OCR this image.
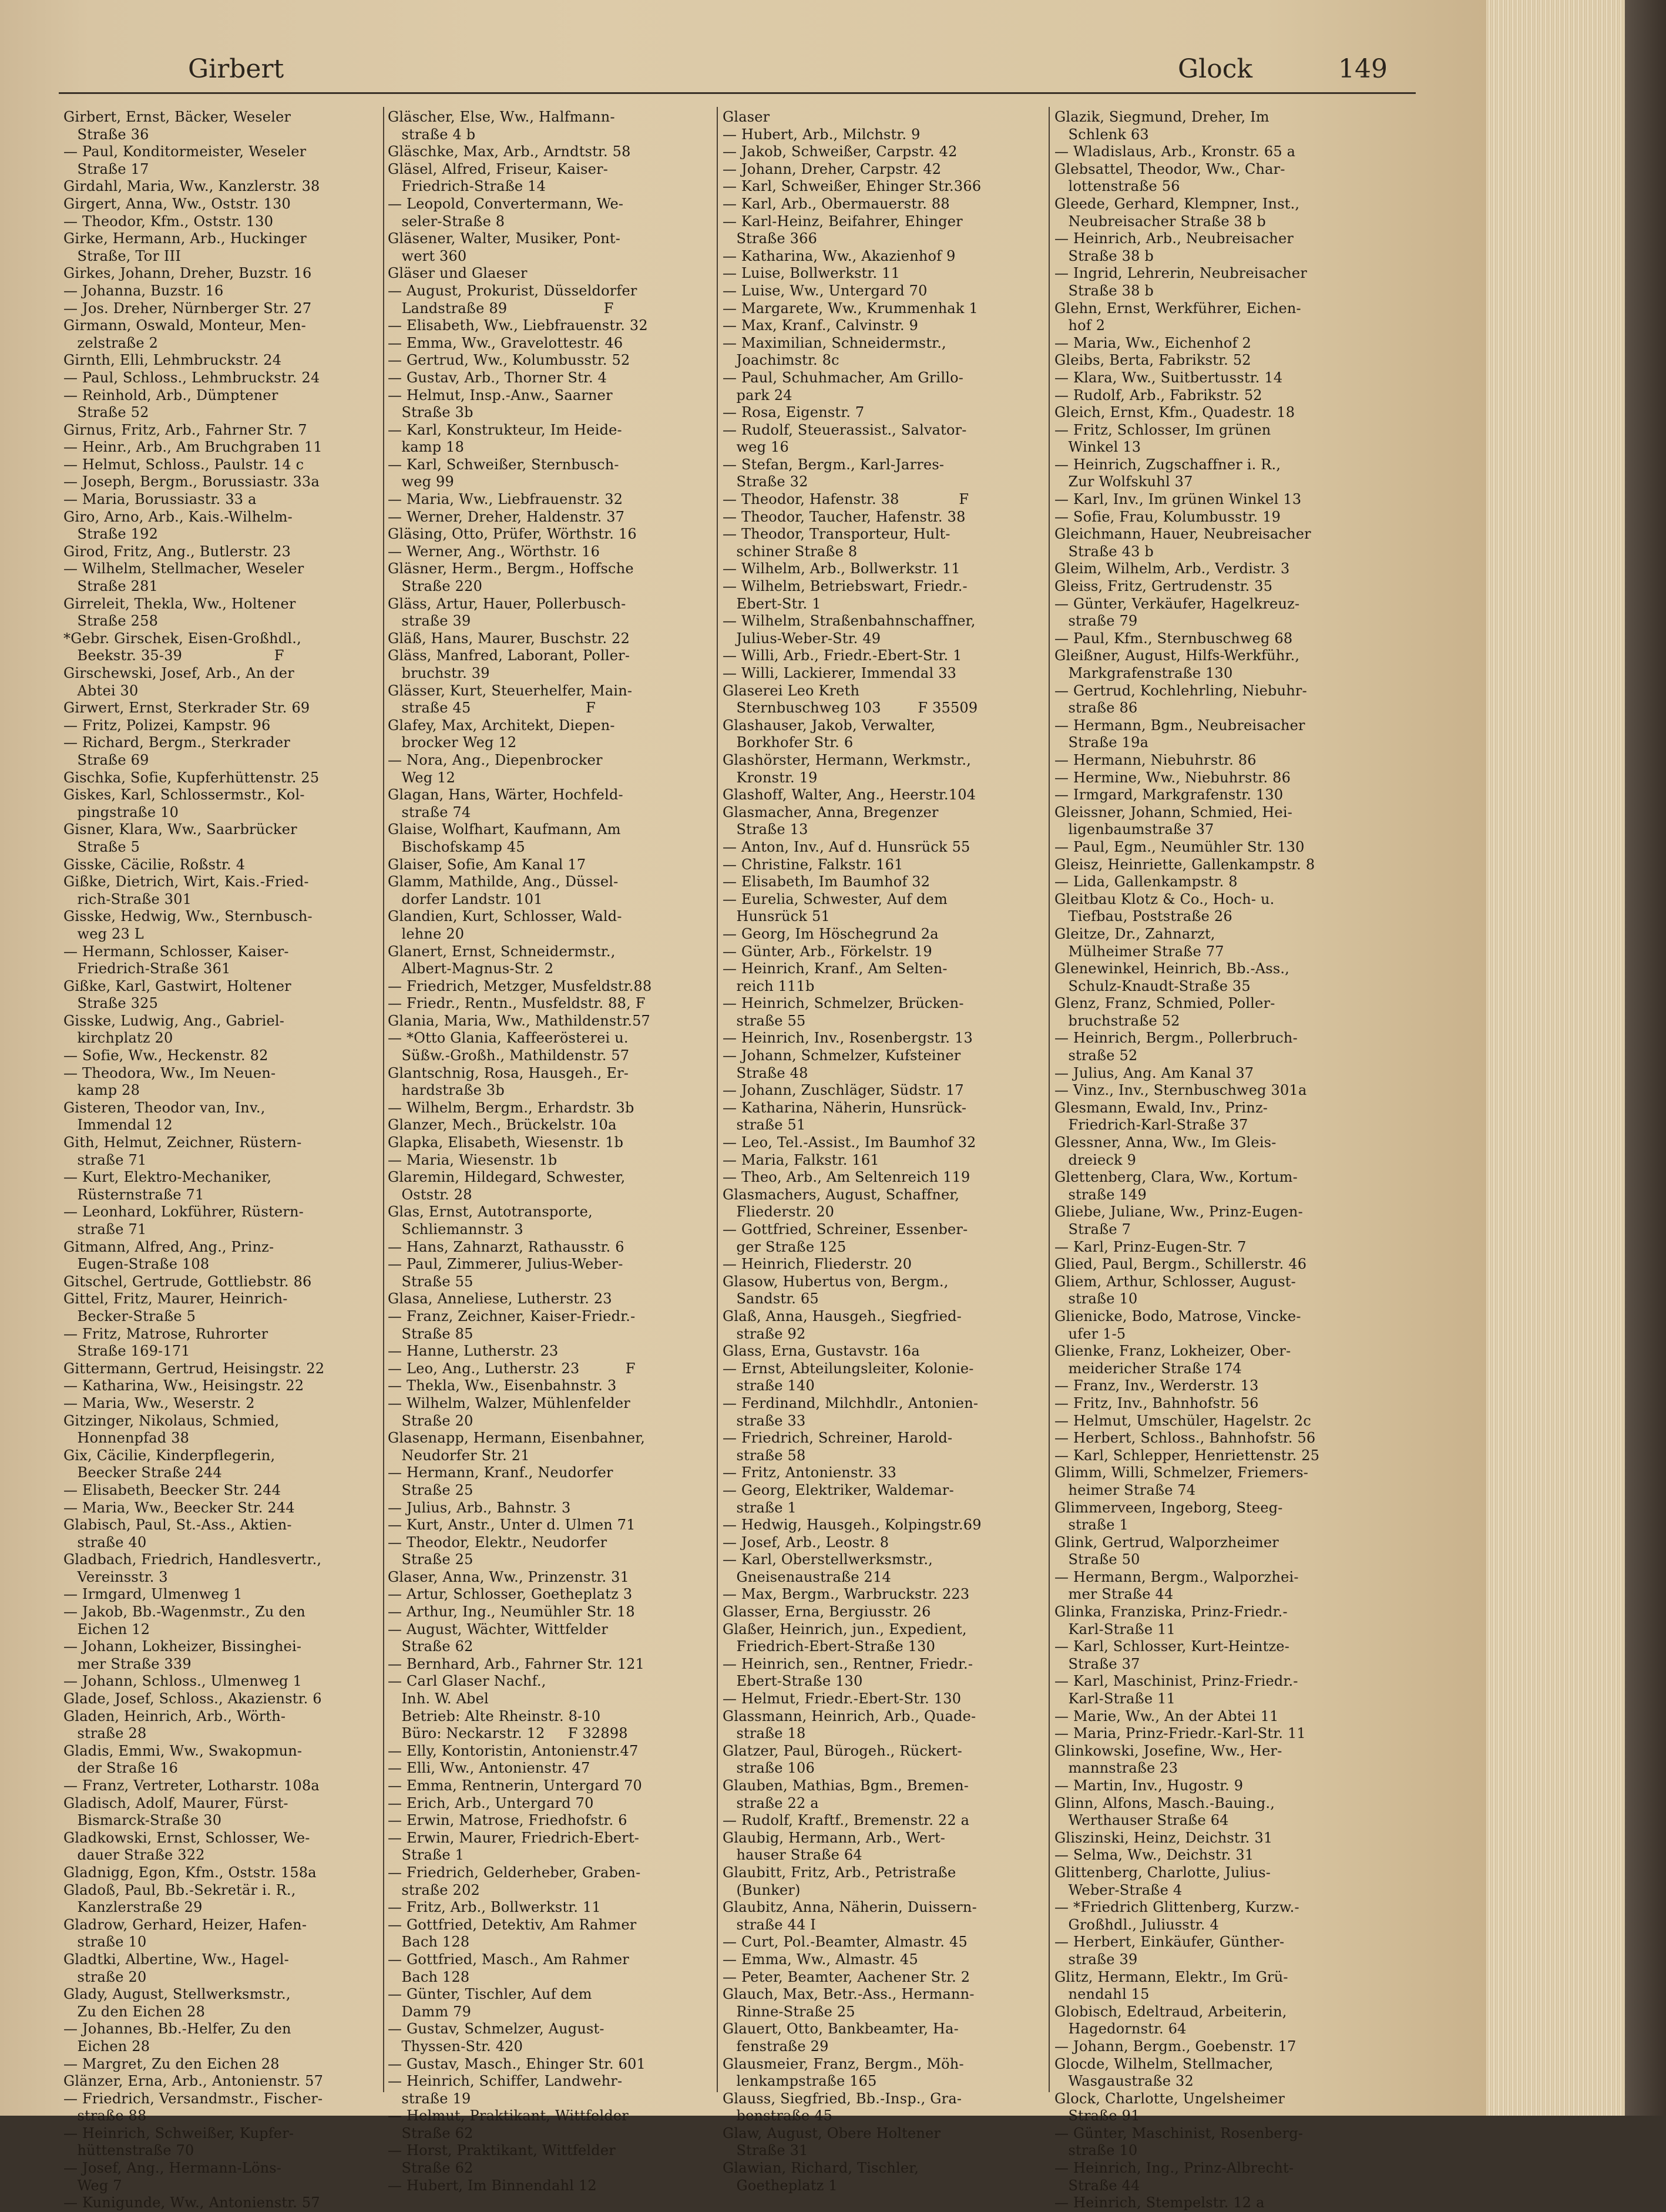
Girbert	Glock	149
Girbert, Ernst, Bäcker, Weseler
Straße 36
— Paul, Konditormeister, Weseler
Straße 17
Girdahl, Maria, Ww., Kanzlerstr. 38
Girgert, Anna, Ww., Oststr. 130
— Theodor, Kfm., Oststr. 130
Girke, Hermann, Arb., Huckinger
Straße, Tor III
Girkes, Johann, Dreher, Buzstr. 16
— Johanna, Buzstr. 16
— Jos. Dreher, Nürnberger Str. 27
Girmann, Oswald, Monteur, Men-
zelstraße 2
Girnth, Elli, Lehmbruckstr. 24
— Paul, Schloss., Lehmbruckstr. 24
— Reinhold, Arb., Dümptener
Straße 52
Girnus, Fritz, Arb., Fahrner Str. 7
— Heinr., Arb., Am Bruchgraben 11
— Helmut, Schloss., Paulstr. 14 c
— Joseph, Bergm., Borussiastr. 33a
— Maria, Borussiastr. 33 a
Giro, Arno, Arb., Kais.-Wilhelm-
Straße 192
Girod, Fritz, Ang., Butlerstr. 23
— Wilhelm, Stellmacher, Weseler
Straße 281
Girreleit, Thekla, Ww., Holtener
Straße 258
*Gebr. Girschek, Eisen-Großhdl.,
Beekstr. 35-39                    F
Girschewski, Josef, Arb., An der
Abtei 30
Girwert, Ernst, Sterkrader Str. 69
— Fritz, Polizei, Kampstr. 96
— Richard, Bergm., Sterkrader
Straße 69
Gischka, Sofie, Kupferhüttenstr. 25
Giskes, Karl, Schlossermstr., Kol-
pingstraße 10
Gisner, Klara, Ww., Saarbrücker
Straße 5
Gisske, Cäcilie, Roßstr. 4
Gißke, Dietrich, Wirt, Kais.-Fried-
rich-Straße 301
Gisske, Hedwig, Ww., Sternbusch-
weg 23 L
— Hermann, Schlosser, Kaiser-
Friedrich-Straße 361
Gißke, Karl, Gastwirt, Holtener
Straße 325
Gisske, Ludwig, Ang., Gabriel-
kirchplatz 20
— Sofie, Ww., Heckenstr. 82
— Theodora, Ww., Im Neuen-
kamp 28
Gisteren, Theodor van, Inv.,
Immendal 12
Gith, Helmut, Zeichner, Rüstern-
straße 71
— Kurt, Elektro-Mechaniker,
Rüsternstraße 71
— Leonhard, Lokführer, Rüstern-
straße 71
Gitmann, Alfred, Ang., Prinz-
Eugen-Straße 108
Gitschel, Gertrude, Gottliebstr. 86
Gittel, Fritz, Maurer, Heinrich-
Becker-Straße 5
— Fritz, Matrose, Ruhrorter
Straße 169-171
Gittermann, Gertrud, Heisingstr. 22
— Katharina, Ww., Heisingstr. 22
— Maria, Ww., Weserstr. 2
Gitzinger, Nikolaus, Schmied,
Honnenpfad 38
Gix, Cäcilie, Kinderpflegerin,
Beecker Straße 244
— Elisabeth, Beecker Str. 244
— Maria, Ww., Beecker Str. 244
Glabisch, Paul, St.-Ass., Aktien-
straße 40
Gladbach, Friedrich, Handlesvertr.,
Vereinsstr. 3
— Irmgard, Ulmenweg 1
— Jakob, Bb.-Wagenmstr., Zu den
Eichen 12
— Johann, Lokheizer, Bissinghei-
mer Straße 339
— Johann, Schloss., Ulmenweg 1
Glade, Josef, Schloss., Akazienstr. 6
Gladen, Heinrich, Arb., Wörth-
straße 28
Gladis, Emmi, Ww., Swakopmun-
der Straße 16
— Franz, Vertreter, Lotharstr. 108a
Gladisch, Adolf, Maurer, Fürst-
Bismarck-Straße 30
Gladkowski, Ernst, Schlosser, We-
dauer Straße 322
Gladnigg, Egon, Kfm., Oststr. 158a
Gladoß, Paul, Bb.-Sekretär i. R.,
Kanzlerstraße 29
Gladrow, Gerhard, Heizer, Hafen-
straße 10
Gladtki, Albertine, Ww., Hagel-
straße 20
Glady, August, Stellwerksmstr.,
Zu den Eichen 28
— Johannes, Bb.-Helfer, Zu den
Eichen 28
— Margret, Zu den Eichen 28
Glänzer, Erna, Arb., Antonienstr. 57
— Friedrich, Versandmstr., Fischer-
straße 88
— Heinrich, Schweißer, Kupfer-
hüttenstraße 70
— Josef, Ang., Hermann-Löns-
Weg 7
— Kunigunde, Ww., Antonienstr. 57
Gläscher, Else, Ww., Halfmann-
straße 4 b
Gläschke, Max, Arb., Arndtstr. 58
Gläsel, Alfred, Friseur, Kaiser-
Friedrich-Straße 14
— Leopold, Convertermann, We-
seler-Straße 8
Gläsener, Walter, Musiker, Pont-
wert 360
Gläser und Glaeser
— August, Prokurist, Düsseldorfer
Landstraße 89                     F
— Elisabeth, Ww., Liebfrauenstr. 32
— Emma, Ww., Gravelottestr. 46
— Gertrud, Ww., Kolumbusstr. 52
— Gustav, Arb., Thorner Str. 4
— Helmut, Insp.-Anw., Saarner
Straße 3b
— Karl, Konstrukteur, Im Heide-
kamp 18
— Karl, Schweißer, Sternbusch-
weg 99
— Maria, Ww., Liebfrauenstr. 32
— Werner, Dreher, Haldenstr. 37
Gläsing, Otto, Prüfer, Wörthstr. 16
— Werner, Ang., Wörthstr. 16
Gläsner, Herm., Bergm., Hoffsche
Straße 220
Gläss, Artur, Hauer, Pollerbusch-
straße 39
Gläß, Hans, Maurer, Buschstr. 22
Gläss, Manfred, Laborant, Poller-
bruchstr. 39
Glässer, Kurt, Steuerhelfer, Main-
straße 45                         F
Glafey, Max, Architekt, Diepen-
brocker Weg 12
— Nora, Ang., Diepenbrocker
Weg 12
Glagan, Hans, Wärter, Hochfeld-
straße 74
Glaise, Wolfhart, Kaufmann, Am
Bischofskamp 45
Glaiser, Sofie, Am Kanal 17
Glamm, Mathilde, Ang., Düssel-
dorfer Landstr. 101
Glandien, Kurt, Schlosser, Wald-
lehne 20
Glanert, Ernst, Schneidermstr.,
Albert-Magnus-Str. 2
— Friedrich, Metzger, Musfeldstr.88
— Friedr., Rentn., Musfeldstr. 88, F
Glania, Maria, Ww., Mathildenstr.57
— *Otto Glania, Kaffeerösterei u.
Süßw.-Großh., Mathildenstr. 57
Glantschnig, Rosa, Hausgeh., Er-
hardstraße 3b
— Wilhelm, Bergm., Erhardstr. 3b
Glanzer, Mech., Brückelstr. 10a
Glapka, Elisabeth, Wiesenstr. 1b
— Maria, Wiesenstr. 1b
Glaremin, Hildegard, Schwester,
Oststr. 28
Glas, Ernst, Autotransporte,
Schliemannstr. 3
— Hans, Zahnarzt, Rathausstr. 6
— Paul, Zimmerer, Julius-Weber-
Straße 55
Glasa, Anneliese, Lutherstr. 23
— Franz, Zeichner, Kaiser-Friedr.-
Straße 85
— Hanne, Lutherstr. 23
— Leo, Ang., Lutherstr. 23          F
— Thekla, Ww., Eisenbahnstr. 3
— Wilhelm, Walzer, Mühlenfelder
Straße 20
Glasenapp, Hermann, Eisenbahner,
Neudorfer Str. 21
— Hermann, Kranf., Neudorfer
Straße 25
— Julius, Arb., Bahnstr. 3
— Kurt, Anstr., Unter d. Ulmen 71
— Theodor, Elektr., Neudorfer
Straße 25
Glaser, Anna, Ww., Prinzenstr. 31
— Artur, Schlosser, Goetheplatz 3
— Arthur, Ing., Neumühler Str. 18
— August, Wächter, Wittfelder
Straße 62
— Bernhard, Arb., Fahrner Str. 121
— Carl Glaser Nachf.,
Inh. W. Abel
Betrieb: Alte Rheinstr. 8-10
Büro: Neckarstr. 12     F 32898
— Elly, Kontoristin, Antonienstr.47
— Elli, Ww., Antonienstr. 47
— Emma, Rentnerin, Untergard 70
— Erich, Arb., Untergard 70
— Erwin, Matrose, Friedhofstr. 6
— Erwin, Maurer, Friedrich-Ebert-
Straße 1
— Friedrich, Gelderheber, Graben-
straße 202
— Fritz, Arb., Bollwerkstr. 11
— Gottfried, Detektiv, Am Rahmer
Bach 128
— Gottfried, Masch., Am Rahmer
Bach 128
— Günter, Tischler, Auf dem
Damm 79
— Gustav, Schmelzer, August-
Thyssen-Str. 420
— Gustav, Masch., Ehinger Str. 601
— Heinrich, Schiffer, Landwehr-
straße 19
— Helmut, Praktikant, Wittfelder
Straße 62
— Horst, Praktikant, Wittfelder
Straße 62
— Hubert, Im Binnendahl 12
Glaser
— Hubert, Arb., Milchstr. 9
— Jakob, Schweißer, Carpstr. 42
— Johann, Dreher, Carpstr. 42
— Karl, Schweißer, Ehinger Str.366
— Karl, Arb., Obermauerstr. 88
— Karl-Heinz, Beifahrer, Ehinger
Straße 366
— Katharina, Ww., Akazienhof 9
— Luise, Bollwerkstr. 11
— Luise, Ww., Untergard 70
— Margarete, Ww., Krummenhak 1
— Max, Kranf., Calvinstr. 9
— Maximilian, Schneidermstr.,
Joachimstr. 8c
— Paul, Schuhmacher, Am Grillo-
park 24
— Rosa, Eigenstr. 7
— Rudolf, Steuerassist., Salvator-
weg 16
— Stefan, Bergm., Karl-Jarres-
Straße 32
— Theodor, Hafenstr. 38             F
— Theodor, Taucher, Hafenstr. 38
— Theodor, Transporteur, Hult-
schiner Straße 8
— Wilhelm, Arb., Bollwerkstr. 11
— Wilhelm, Betriebswart, Friedr.-
Ebert-Str. 1
— Wilhelm, Straßenbahnschaffner,
Julius-Weber-Str. 49
— Willi, Arb., Friedr.-Ebert-Str. 1
— Willi, Lackierer, Immendal 33
Glaserei Leo Kreth
Sternbuschweg 103        F 35509
Glashauser, Jakob, Verwalter,
Borkhofer Str. 6
Glashörster, Hermann, Werkmstr.,
Kronstr. 19
Glashoff, Walter, Ang., Heerstr.104
Glasmacher, Anna, Bregenzer
Straße 13
— Anton, Inv., Auf d. Hunsrück 55
— Christine, Falkstr. 161
— Elisabeth, Im Baumhof 32
— Eurelia, Schwester, Auf dem
Hunsrück 51
— Georg, Im Höschegrund 2a
— Günter, Arb., Förkelstr. 19
— Heinrich, Kranf., Am Selten-
reich 111b
— Heinrich, Schmelzer, Brücken-
straße 55
— Heinrich, Inv., Rosenbergstr. 13
— Johann, Schmelzer, Kufsteiner
Straße 48
— Johann, Zuschläger, Südstr. 17
— Katharina, Näherin, Hunsrück-
straße 51
— Leo, Tel.-Assist., Im Baumhof 32
— Maria, Falkstr. 161
— Theo, Arb., Am Seltenreich 119
Glasmachers, August, Schaffner,
Fliederstr. 20
— Gottfried, Schreiner, Essenber-
ger Straße 125
— Heinrich, Fliederstr. 20
Glasow, Hubertus von, Bergm.,
Sandstr. 65
Glaß, Anna, Hausgeh., Siegfried-
straße 92
Glass, Erna, Gustavstr. 16a
— Ernst, Abteilungsleiter, Kolonie-
straße 140
— Ferdinand, Milchhdlr., Antonien-
straße 33
— Friedrich, Schreiner, Harold-
straße 58
— Fritz, Antonienstr. 33
— Georg, Elektriker, Waldemar-
straße 1
— Hedwig, Hausgeh., Kolpingstr.69
— Josef, Arb., Leostr. 8
— Karl, Oberstellwerksmstr.,
Gneisenaustraße 214
— Max, Bergm., Warbruckstr. 223
Glasser, Erna, Bergiusstr. 26
Glaßer, Heinrich, jun., Expedient,
Friedrich-Ebert-Straße 130
— Heinrich, sen., Rentner, Friedr.-
Ebert-Straße 130
— Helmut, Friedr.-Ebert-Str. 130
Glassmann, Heinrich, Arb., Quade-
straße 18
Glatzer, Paul, Bürogeh., Rückert-
straße 106
Glauben, Mathias, Bgm., Bremen-
straße 22 a
— Rudolf, Kraftf., Bremenstr. 22 a
Glaubig, Hermann, Arb., Wert-
hauser Straße 64
Glaubitt, Fritz, Arb., Petristraße
(Bunker)
Glaubitz, Anna, Näherin, Duissern-
straße 44 I
— Curt, Pol.-Beamter, Almastr. 45
— Emma, Ww., Almastr. 45
— Peter, Beamter, Aachener Str. 2
Glauch, Max, Betr.-Ass., Hermann-
Rinne-Straße 25
Glauert, Otto, Bankbeamter, Ha-
fenstraße 29
Glausmeier, Franz, Bergm., Möh-
lenkampstraße 165
Glauss, Siegfried, Bb.-Insp., Gra-
benstraße 45
Glaw, August, Obere Holtener
Straße 31
Glawian, Richard, Tischler,
Goetheplatz 1
Glazik, Siegmund, Dreher, Im
Schlenk 63
— Wladislaus, Arb., Kronstr. 65 a
Glebsattel, Theodor, Ww., Char-
lottenstraße 56
Gleede, Gerhard, Klempner, Inst.,
Neubreisacher Straße 38 b
— Heinrich, Arb., Neubreisacher
Straße 38 b
— Ingrid, Lehrerin, Neubreisacher
Straße 38 b
Glehn, Ernst, Werkführer, Eichen-
hof 2
— Maria, Ww., Eichenhof 2
Gleibs, Berta, Fabrikstr. 52
— Klara, Ww., Suitbertusstr. 14
— Rudolf, Arb., Fabrikstr. 52
Gleich, Ernst, Kfm., Quadestr. 18
— Fritz, Schlosser, Im grünen
Winkel 13
— Heinrich, Zugschaffner i. R.,
Zur Wolfskuhl 37
— Karl, Inv., Im grünen Winkel 13
— Sofie, Frau, Kolumbusstr. 19
Gleichmann, Hauer, Neubreisacher
Straße 43 b
Gleim, Wilhelm, Arb., Verdistr. 3
Gleiss, Fritz, Gertrudenstr. 35
— Günter, Verkäufer, Hagelkreuz-
straße 79
— Paul, Kfm., Sternbuschweg 68
Gleißner, August, Hilfs-Werkführ.,
Markgrafenstraße 130
— Gertrud, Kochlehrling, Niebuhr-
straße 86
— Hermann, Bgm., Neubreisacher
Straße 19a
— Hermann, Niebuhrstr. 86
— Hermine, Ww., Niebuhrstr. 86
— Irmgard, Markgrafenstr. 130
Gleissner, Johann, Schmied, Hei-
ligenbaumstraße 37
— Paul, Egm., Neumühler Str. 130
Gleisz, Heinriette, Gallenkampstr. 8
— Lida, Gallenkampstr. 8
Gleitbau Klotz & Co., Hoch- u.
Tiefbau, Poststraße 26
Gleitze, Dr., Zahnarzt,
Mülheimer Straße 77
Glenewinkel, Heinrich, Bb.-Ass.,
Schulz-Knaudt-Straße 35
Glenz, Franz, Schmied, Poller-
bruchstraße 52
— Heinrich, Bergm., Pollerbruch-
straße 52
— Julius, Ang. Am Kanal 37
— Vinz., Inv., Sternbuschweg 301a
Glesmann, Ewald, Inv., Prinz-
Friedrich-Karl-Straße 37
Glessner, Anna, Ww., Im Gleis-
dreieck 9
Glettenberg, Clara, Ww., Kortum-
straße 149
Gliebe, Juliane, Ww., Prinz-Eugen-
Straße 7
— Karl, Prinz-Eugen-Str. 7
Glied, Paul, Bergm., Schillerstr. 46
Gliem, Arthur, Schlosser, August-
straße 10
Glienicke, Bodo, Matrose, Vincke-
ufer 1-5
Glienke, Franz, Lokheizer, Ober-
meidericher Straße 174
— Franz, Inv., Werderstr. 13
— Fritz, Inv., Bahnhofstr. 56
— Helmut, Umschüler, Hagelstr. 2c
— Herbert, Schloss., Bahnhofstr. 56
— Karl, Schlepper, Henriettenstr. 25
Glimm, Willi, Schmelzer, Friemers-
heimer Straße 74
Glimmerveen, Ingeborg, Steeg-
straße 1
Glink, Gertrud, Walporzheimer
Straße 50
— Hermann, Bergm., Walporzhei-
mer Straße 44
Glinka, Franziska, Prinz-Friedr.-
Karl-Straße 11
— Karl, Schlosser, Kurt-Heintze-
Straße 37
— Karl, Maschinist, Prinz-Friedr.-
Karl-Straße 11
— Marie, Ww., An der Abtei 11
— Maria, Prinz-Friedr.-Karl-Str. 11
Glinkowski, Josefine, Ww., Her-
mannstraße 23
— Martin, Inv., Hugostr. 9
Glinn, Alfons, Masch.-Bauing.,
Werthauser Straße 64
Gliszinski, Heinz, Deichstr. 31
— Selma, Ww., Deichstr. 31
Glittenberg, Charlotte, Julius-
Weber-Straße 4
— *Friedrich Glittenberg, Kurzw.-
Großhdl., Juliusstr. 4
— Herbert, Einkäufer, Günther-
straße 39
Glitz, Hermann, Elektr., Im Grü-
nendahl 15
Globisch, Edeltraud, Arbeiterin,
Hagedornstr. 64
— Johann, Bergm., Goebenstr. 17
Glocde, Wilhelm, Stellmacher,
Wasgaustraße 32
Glock, Charlotte, Ungelsheimer
Straße 91
— Günter, Maschinist, Rosenberg-
straße 10
— Heinrich, Ing., Prinz-Albrecht-
Straße 44
— Heinrich, Stempelstr. 12 a
